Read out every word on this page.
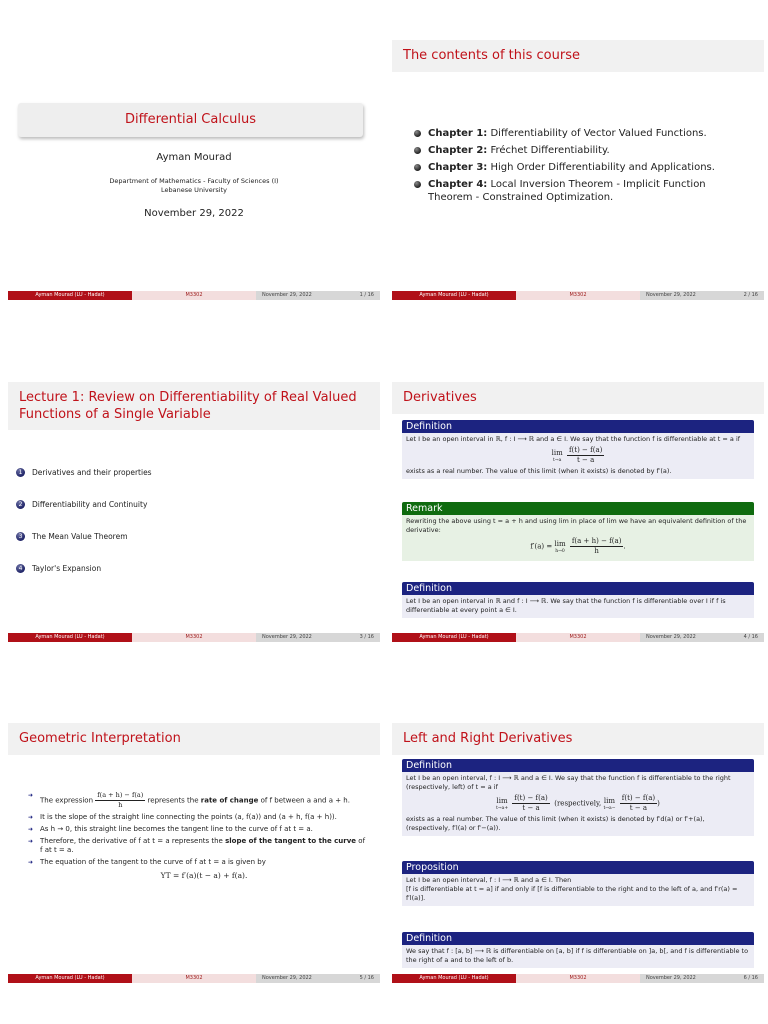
Differential Calculus
Ayman Mourad
Department of Mathematics - Faculty of Sciences (I)
Lebanese University
November 29, 2022
Ayman Mourad (LU - Hadat)	M3302	November 29, 2022	1 / 16
The contents of this course
Chapter 1: Differentiability of Vector Valued Functions.
Chapter 2: Fréchet Differentiability.
Chapter 3: High Order Differentiability and Applications.
Chapter 4: Local Inversion Theorem - Implicit Function Theorem - Constrained Optimization.
Ayman Mourad (LU - Hadat)	M3302	November 29, 2022	2 / 16
Lecture 1: Review on Differentiability of Real Valued Functions of a Single Variable
1	Derivatives and their properties
2	Differentiability and Continuity
3	The Mean Value Theorem
4	Taylor's Expansion
Ayman Mourad (LU - Hadat)	M3302	November 29, 2022	3 / 16
Derivatives
Definition
Let I be an open interval in ℝ, f : I ⟶ ℝ and a ∈ I. We say that the function f is differentiable at t = a if
lim
t→a
$\frac{f(t) - f(a)}{t - a}$
exists as a real number. The value of this limit (when it exists) is denoted by f′(a).
Remark
Rewriting the above using t = a + h and using lim in place of lim we have an equivalent definition of the derivative:
f′(a) = lim
h→0
$\frac{f(a + h) - f(a)}{h}$ .
Definition
Let I be an open interval in ℝ and f : I ⟶ ℝ. We say that the function f is differentiable over I if f is differentiable at every point a ∈ I.
Ayman Mourad (LU - Hadat)	M3302	November 29, 2022	4 / 16
Geometric Interpretation
➜
The expression $\frac{f(a + h) - f(a)}{h}$ represents the rate of change of f between a and a + h.
➜ It is the slope of the straight line connecting the points (a, f(a)) and (a + h, f(a + h)).
➜ As h → 0, this straight line becomes the tangent line to the curve of f at t = a.
➜ Therefore, the derivative of f at t = a represents the slope of the tangent to the curve of f at t = a.
➜ The equation of the tangent to the curve of f at t = a is given by
YT = f′(a)(t − a) + f(a).
Ayman Mourad (LU - Hadat)	M3302	November 29, 2022	5 / 16
Left and Right Derivatives
Definition
Let I be an open interval, f : I ⟶ ℝ and a ∈ I. We say that the function f is differentiable to the right (respectively, left) of t = a if
lim
t→a+
$\frac{f(t) - f(a)}{t - a}$ (respectively, lim
t→a−
$\frac{f(t) - f(a)}{t - a}$ )
exists as a real number. The value of this limit (when it exists) is denoted by f′d(a) or f′+(a), (respectively, f′l(a) or f′−(a)).
Proposition
Let I be an open interval, f : I ⟶ ℝ and a ∈ I. Then
[f is differentiable at t = a] if and only if [f is differentiable to the right and to the left of a, and f′r(a) = f′l(a)].
Definition
We say that f : [a, b] ⟶ ℝ is differentiable on [a, b] if f is differentiable on ]a, b[, and f is differentiable to the right of a and to the left of b.
Ayman Mourad (LU - Hadat)	M3302	November 29, 2022	6 / 16
